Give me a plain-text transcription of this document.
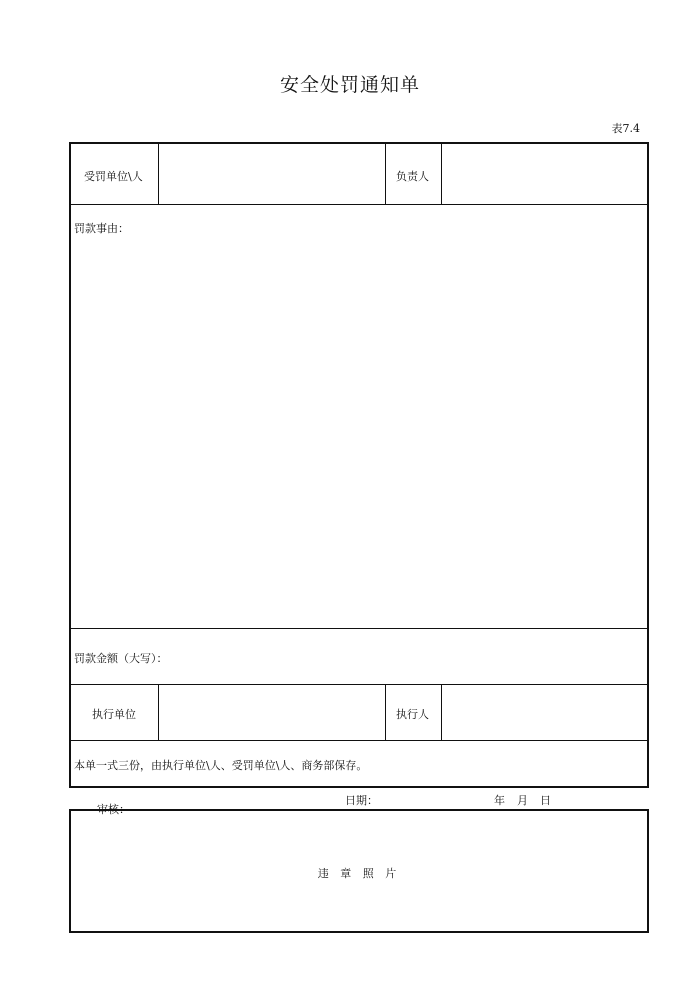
安全处罚通知单
表7.4
受罚单位\人	负责人
罚款事由：
罚款金额（大写）：
执行单位	执行人
本单一式三份，由执行单位\人、受罚单位\人、商务部保存。
审核：
日期：	年 月 日
违 章 照 片
